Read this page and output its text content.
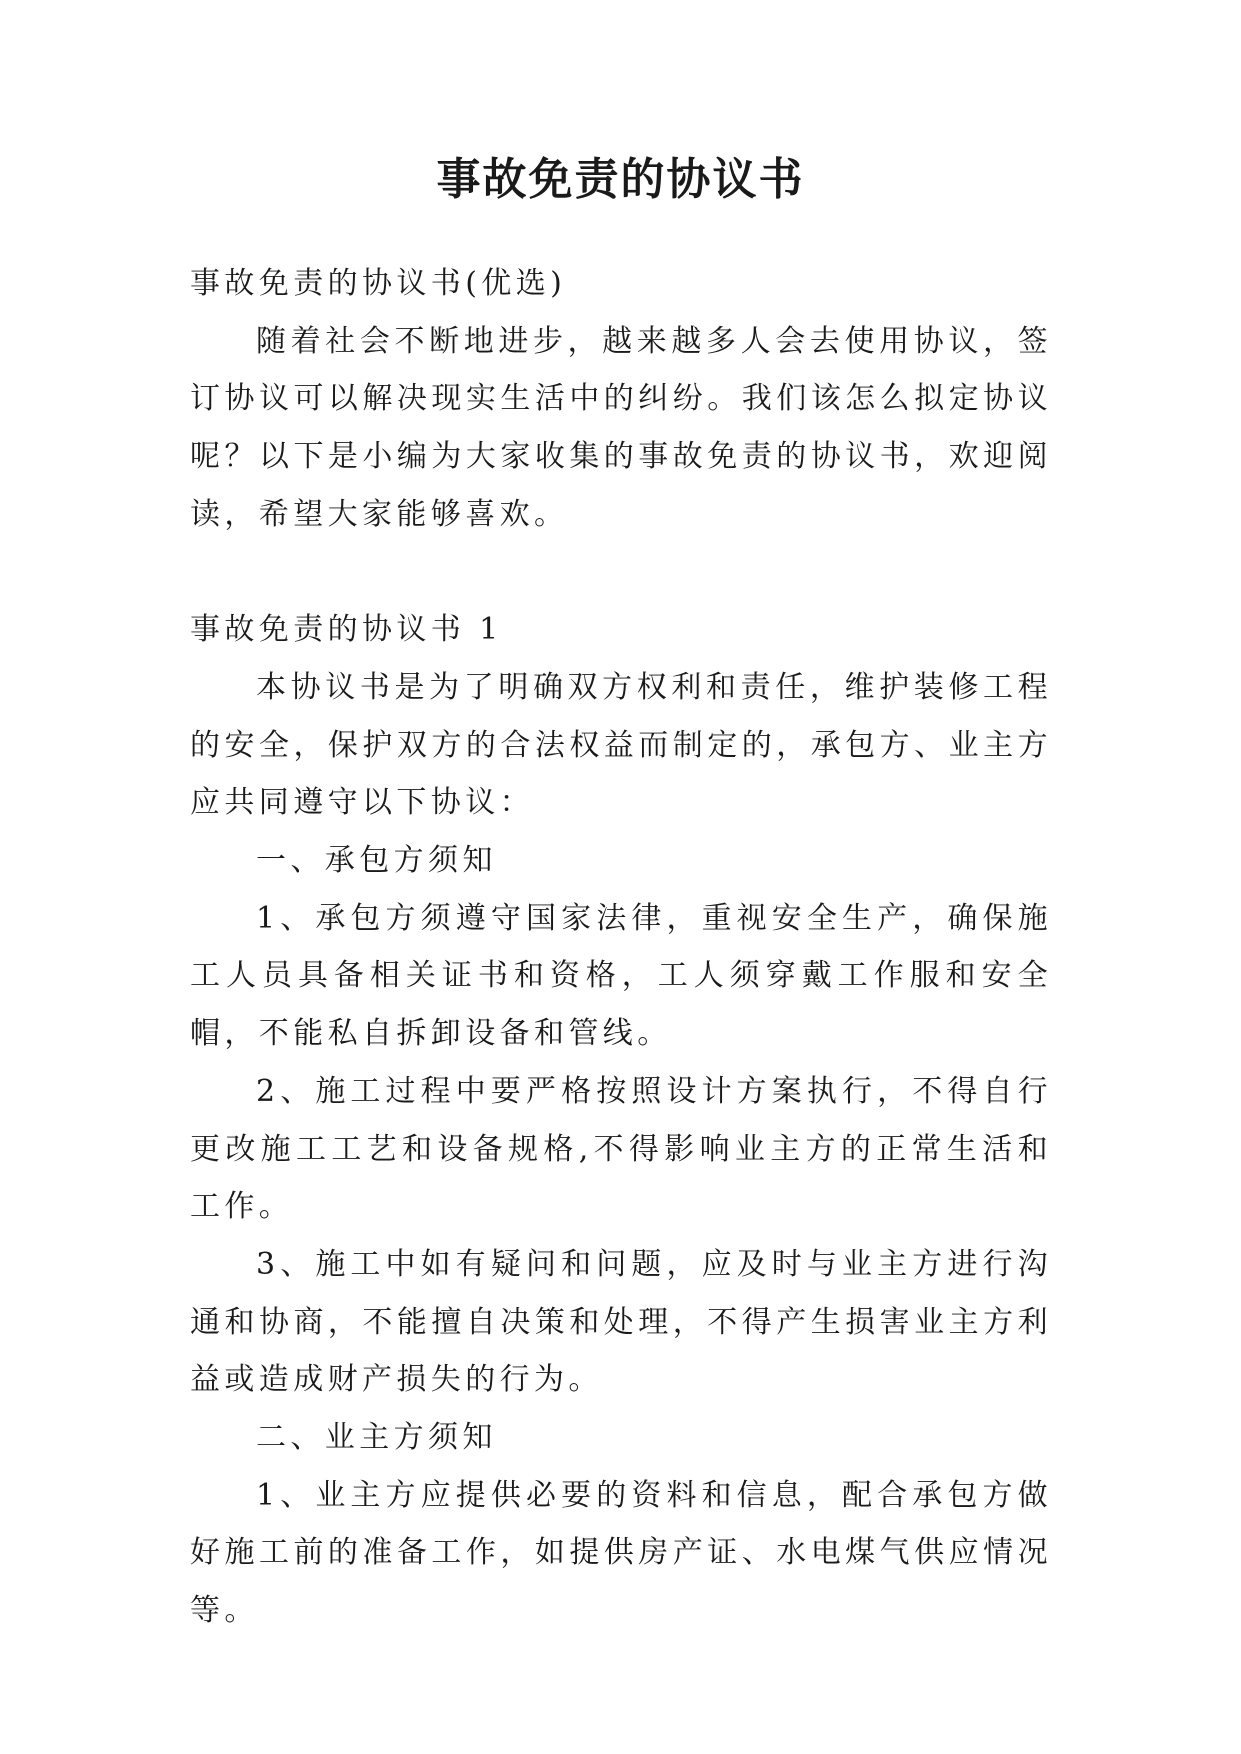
事故免责的协议书

事故免责的协议书(优选)

随着社会不断地进步，越来越多人会去使用协议，签订协议可以解决现实生活中的纠纷。我们该怎么拟定协议呢？以下是小编为大家收集的事故免责的协议书，欢迎阅读，希望大家能够喜欢。

事故免责的协议书 1

本协议书是为了明确双方权利和责任，维护装修工程的安全，保护双方的合法权益而制定的，承包方、业主方应共同遵守以下协议：

一、承包方须知

1、承包方须遵守国家法律，重视安全生产，确保施工人员具备相关证书和资格，工人须穿戴工作服和安全帽，不能私自拆卸设备和管线。

2、施工过程中要严格按照设计方案执行，不得自行更改施工工艺和设备规格,不得影响业主方的正常生活和工作。

3、施工中如有疑问和问题，应及时与业主方进行沟通和协商，不能擅自决策和处理，不得产生损害业主方利益或造成财产损失的行为。

二、业主方须知

1、业主方应提供必要的资料和信息，配合承包方做好施工前的准备工作，如提供房产证、水电煤气供应情况等。
